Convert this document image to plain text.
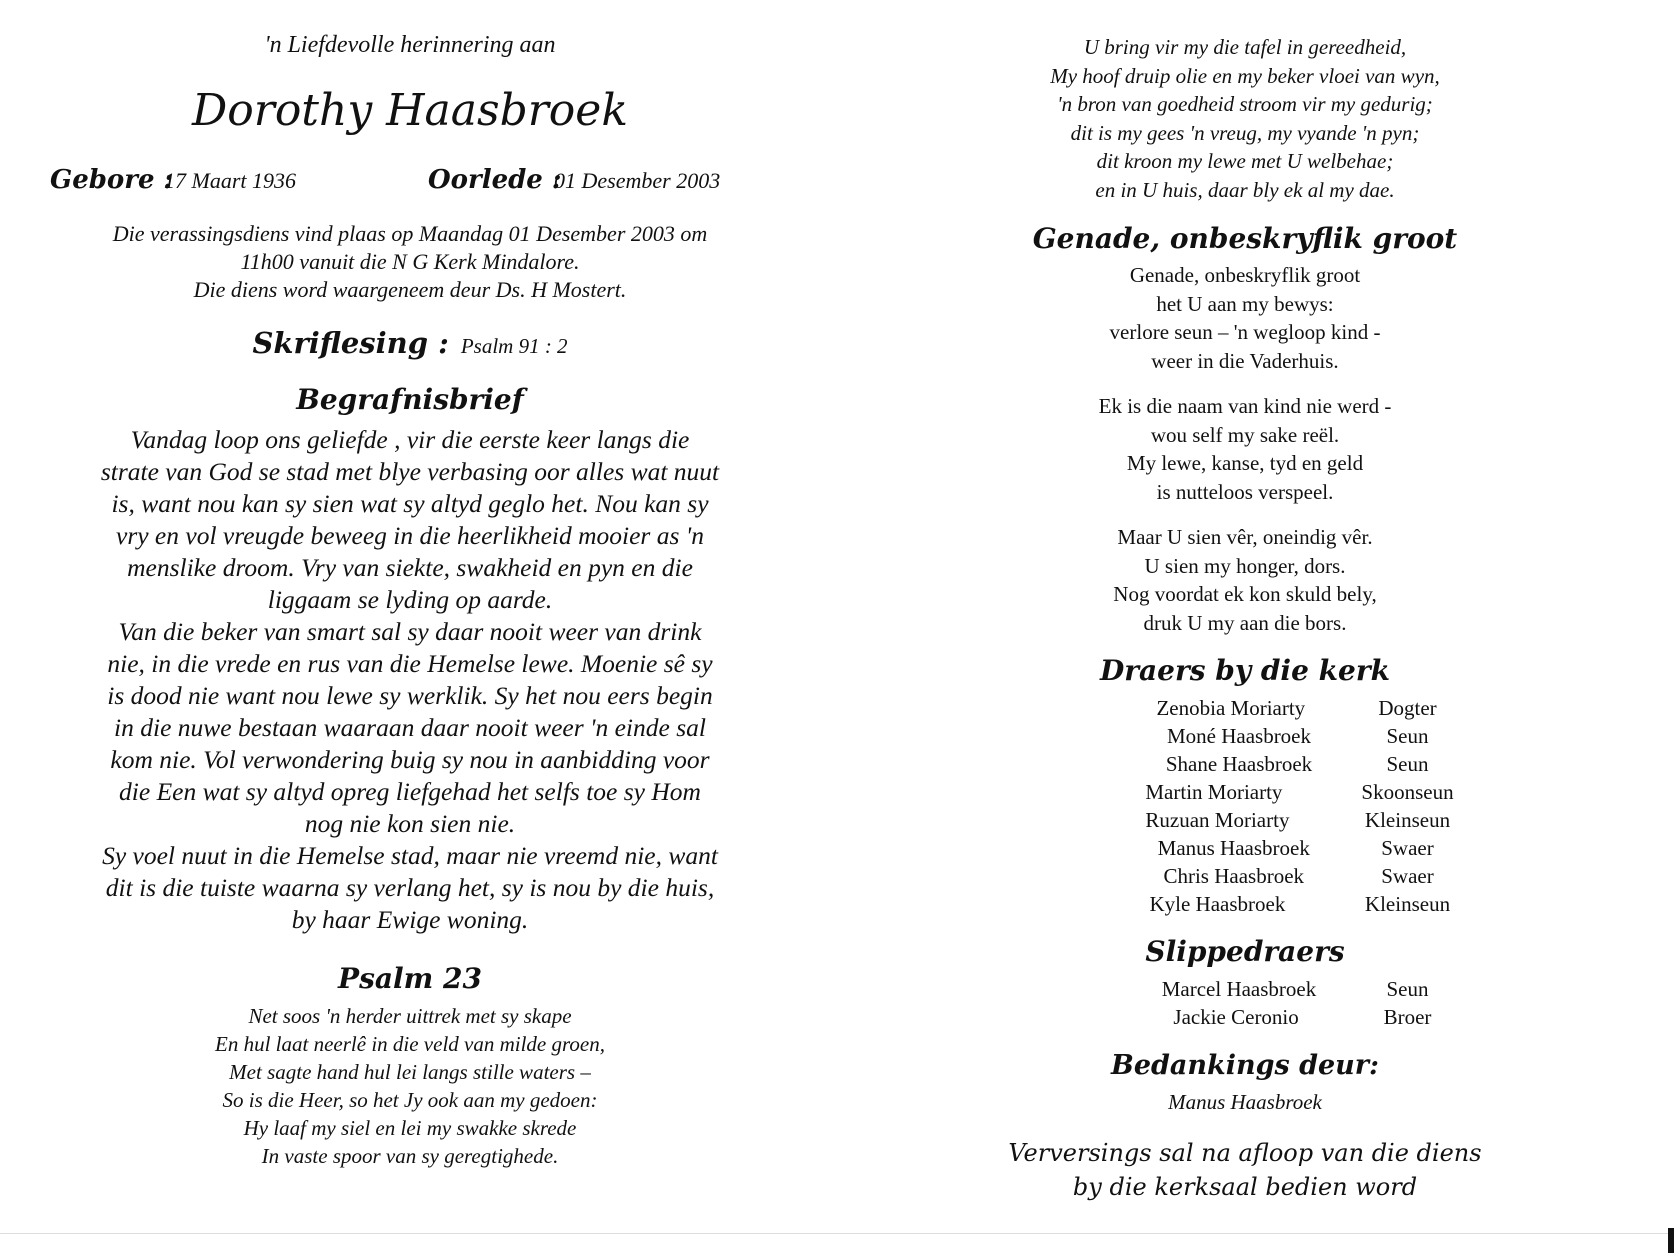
'n Liefdevolle herinnering aan
Dorothy Haasbroek
Gebore :
17 Maart 1936	Oorlede :
01 Desember 2003
Die verassingsdiens vind plaas op Maandag 01 Desember 2003 om
11h00 vanuit die N G Kerk Mindalore.
Die diens word waargeneem deur Ds. H Mostert.
Skriflesing : Psalm 91 : 2
Begrafnisbrief
Vandag loop ons geliefde , vir die eerste keer langs die
strate van God se stad met blye verbasing oor alles wat nuut
is, want nou kan sy sien wat sy altyd geglo het. Nou kan sy
vry en vol vreugde beweeg in die heerlikheid mooier as 'n
menslike droom. Vry van siekte, swakheid en pyn en die
liggaam se lyding op aarde.
Van die beker van smart sal sy daar nooit weer van drink
nie, in die vrede en rus van die Hemelse lewe. Moenie sê sy
is dood nie want nou lewe sy werklik. Sy het nou eers begin
in die nuwe bestaan waaraan daar nooit weer 'n einde sal
kom nie. Vol verwondering buig sy nou in aanbidding voor
die Een wat sy altyd opreg liefgehad het selfs toe sy Hom
nog nie kon sien nie.
Sy voel nuut in die Hemelse stad, maar nie vreemd nie, want
dit is die tuiste waarna sy verlang het, sy is nou by die huis,
by haar Ewige woning.
Psalm 23
Net soos 'n herder uittrek met sy skape
En hul laat neerlê in die veld van milde groen,
Met sagte hand hul lei langs stille waters –
So is die Heer, so het Jy ook aan my gedoen:
Hy laaf my siel en lei my swakke skrede
In vaste spoor van sy geregtighede.
U bring vir my die tafel in gereedheid,
My hoof druip olie en my beker vloei van wyn,
'n bron van goedheid stroom vir my gedurig;
dit is my gees 'n vreug, my vyande 'n pyn;
dit kroon my lewe met U welbehae;
en in U huis, daar bly ek al my dae.
Genade, onbeskryflik groot
Genade, onbeskryflik groot
het U aan my bewys:
verlore seun – 'n wegloop kind -
weer in die Vaderhuis.
Ek is die naam van kind nie werd -
wou self my sake reël.
My lewe, kanse, tyd en geld
is nutteloos verspeel.
Maar U sien vêr, oneindig vêr.
U sien my honger, dors.
Nog voordat ek kon skuld bely,
druk U my aan die bors.
Draers by die kerk
Zenobia Moriarty	Dogter
Moné Haasbroek	Seun
Shane Haasbroek	Seun
Martin Moriarty	Skoonseun
Ruzuan Moriarty	Kleinseun
Manus Haasbroek	Swaer
Chris Haasbroek	Swaer
Kyle Haasbroek	Kleinseun
Slippedraers
Marcel Haasbroek	Seun
Jackie Ceronio	Broer
Bedankings deur:
Manus Haasbroek
Verversings sal na afloop van die diens
by die kerksaal bedien word
